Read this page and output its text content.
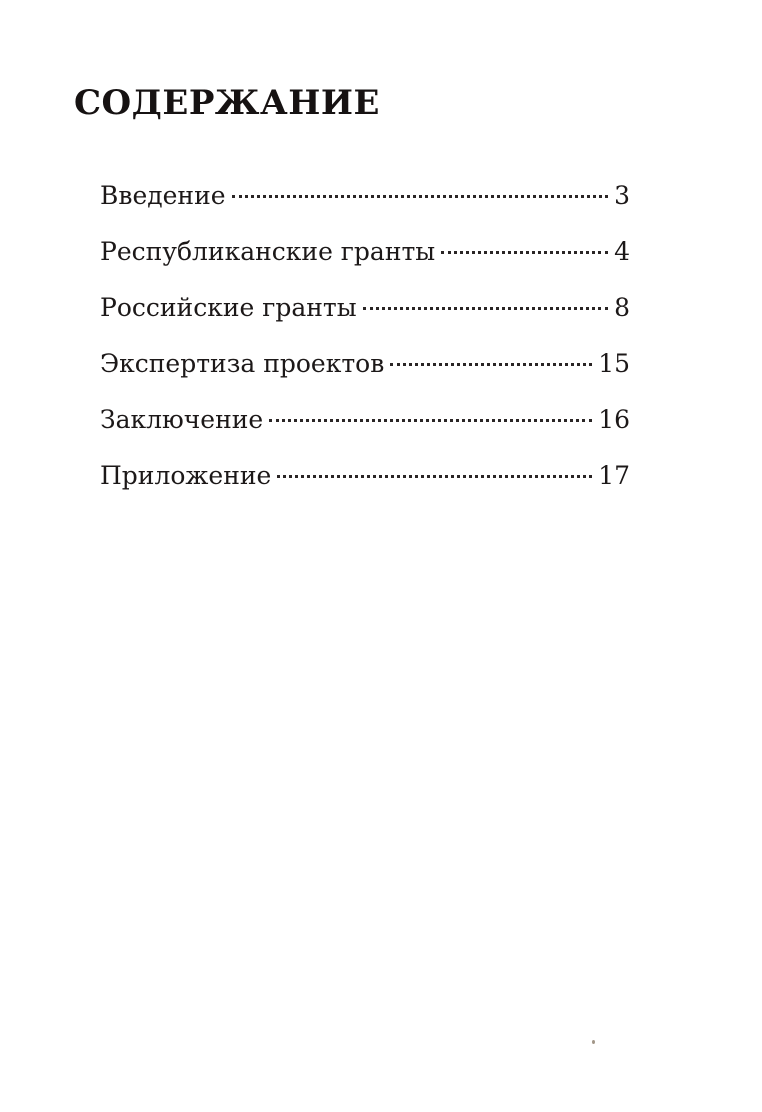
СОДЕРЖАНИЕ
Введение	3
Республиканские гранты	4
Российские гранты	8
Экспертиза проектов	15
Заключение	16
Приложение	17
